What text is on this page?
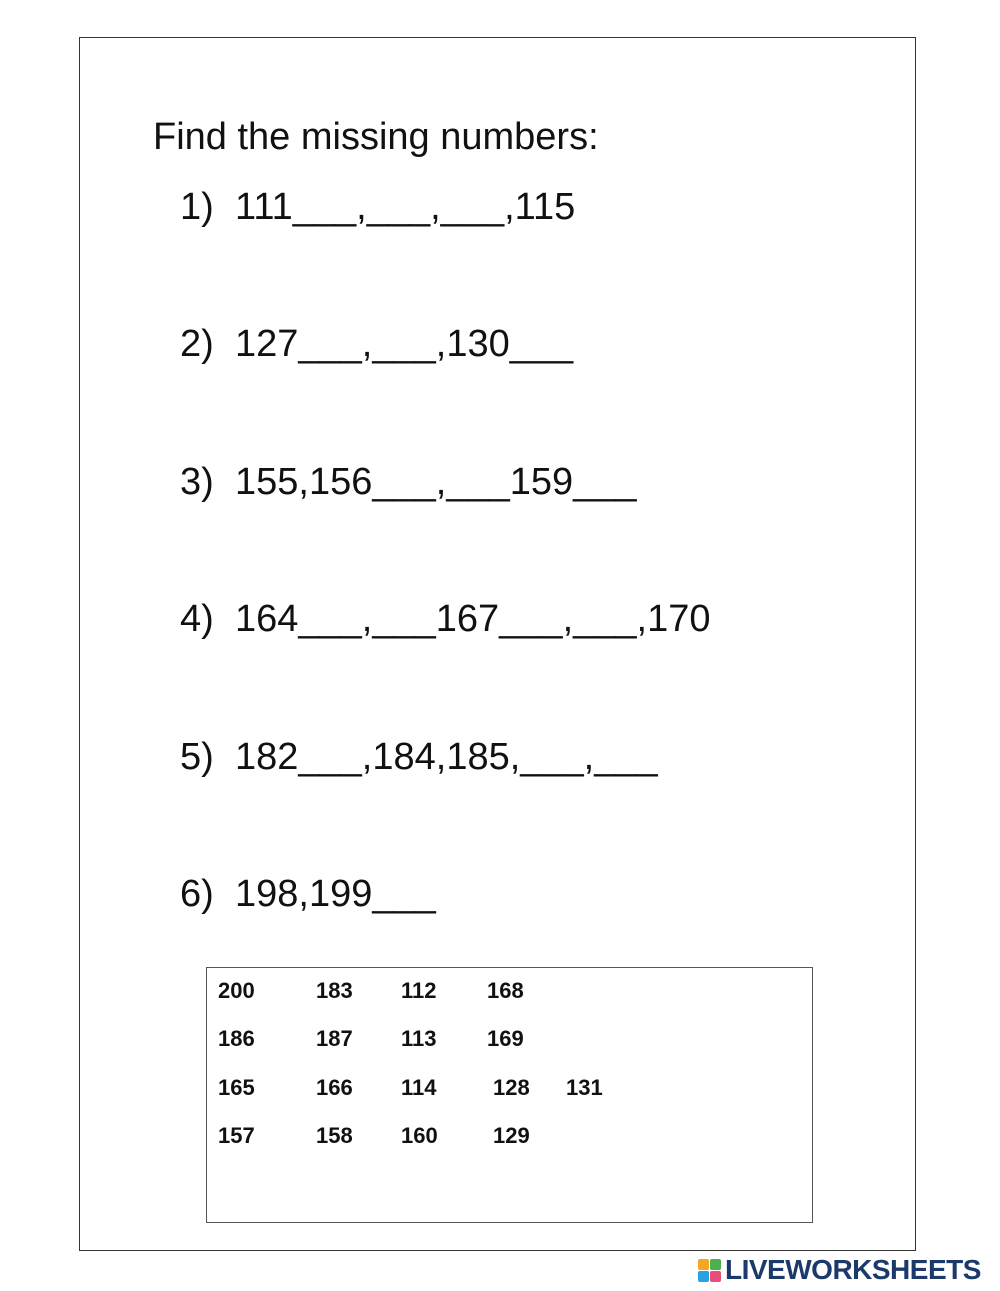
Find the missing numbers:
1) 111___,___,___,115
2) 127___,___,130___
3) 155,156___,___159___
4) 164___,___167___,___,170
5) 182___,184,185,___,___
6) 198,199___
200	183 112 168
186	187 113 169
165	166 114	128 131
157	158 160	129
LIVEWORKSHEETS
